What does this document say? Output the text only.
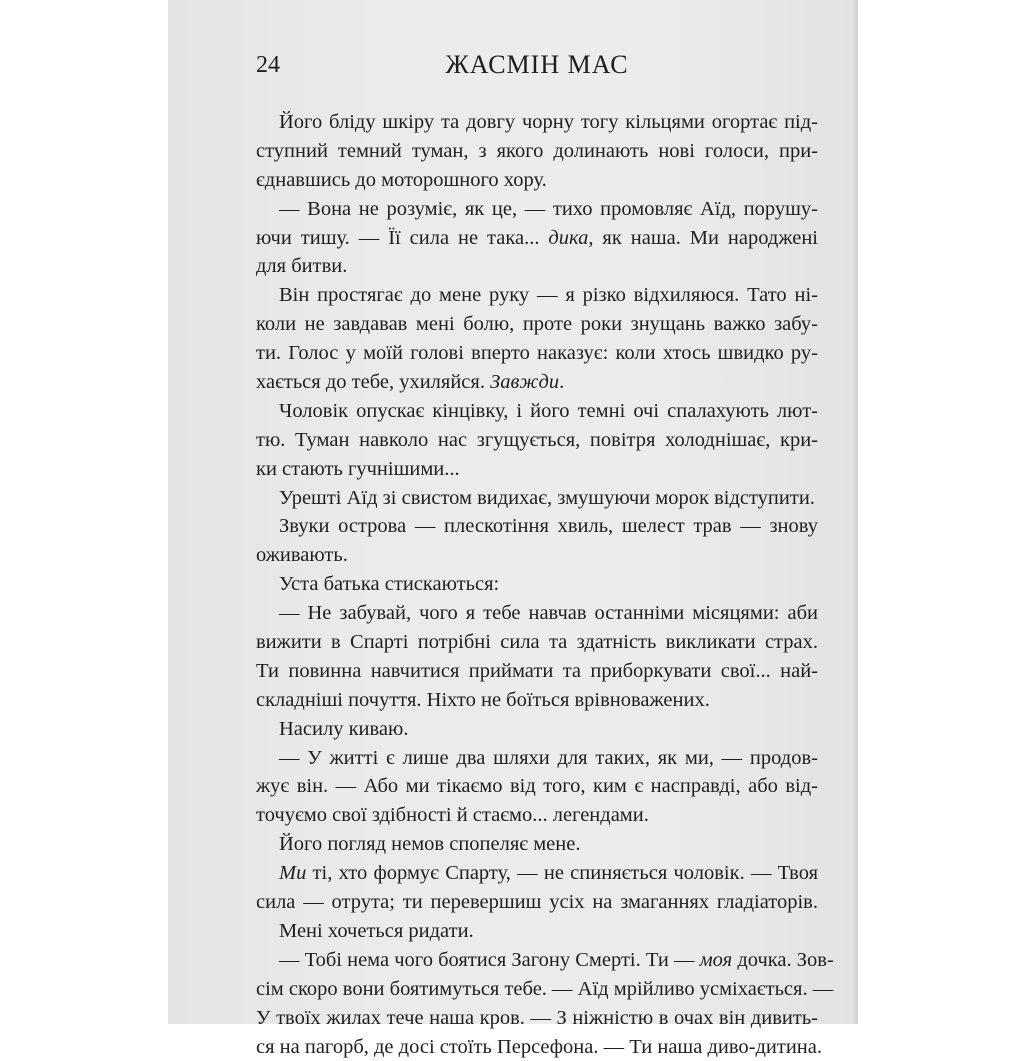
24	ЖАСМІН МАС
Його бліду шкіру та довгу чорну тогу кільцями огортає під-
ступний темний туман, з якого долинають нові голоси, при-
єднавшись до моторошного хору.
— Вона не розуміє, як це, — тихо промовляє Аїд, порушу-
ючи тишу. — Її сила не така... дика, як наша. Ми народжені
для битви.
Він простягає до мене руку — я різко відхиляюся. Тато ні-
коли не завдавав мені болю, проте роки знущань важко забу-
ти. Голос у моїй голові вперто наказує: коли хтось швидко ру-
хається до тебе, ухиляйся. Завжди.
Чоловік опускає кінцівку, і його темні очі спалахують лют-
тю. Туман навколо нас згущується, повітря холоднішає, кри-
ки стають гучнішими...
Урешті Аїд зі свистом видихає, змушуючи морок відступити.
Звуки острова — плескотіння хвиль, шелест трав — знову
оживають.
Уста батька стискаються:
— Не забувай, чого я тебе навчав останніми місяцями: аби
вижити в Спарті потрібні сила та здатність викликати страх.
Ти повинна навчитися приймати та приборкувати свої... най-
складніші почуття. Ніхто не боїться врівноважених.
Насилу киваю.
— У житті є лише два шляхи для таких, як ми, — продов-
жує він. — Або ми тікаємо від того, ким є насправді, або від-
точуємо свої здібності й стаємо... легендами.
Його погляд немов спопеляє мене.
Ми ті, хто формує Спарту, — не спиняється чоловік. — Твоя
сила — отрута; ти перевершиш усіх на змаганнях гладіаторів.
Мені хочеться ридати.
— Тобі нема чого боятися Загону Смерті. Ти — моя дочка. Зов-
сім скоро вони боятимуться тебе. — Аїд мрійливо усміхається. —
У твоїх жилах тече наша кров. — З ніжністю в очах він дивить-
ся на пагорб, де досі стоїть Персефона. — Ти наша диво-дитина.
